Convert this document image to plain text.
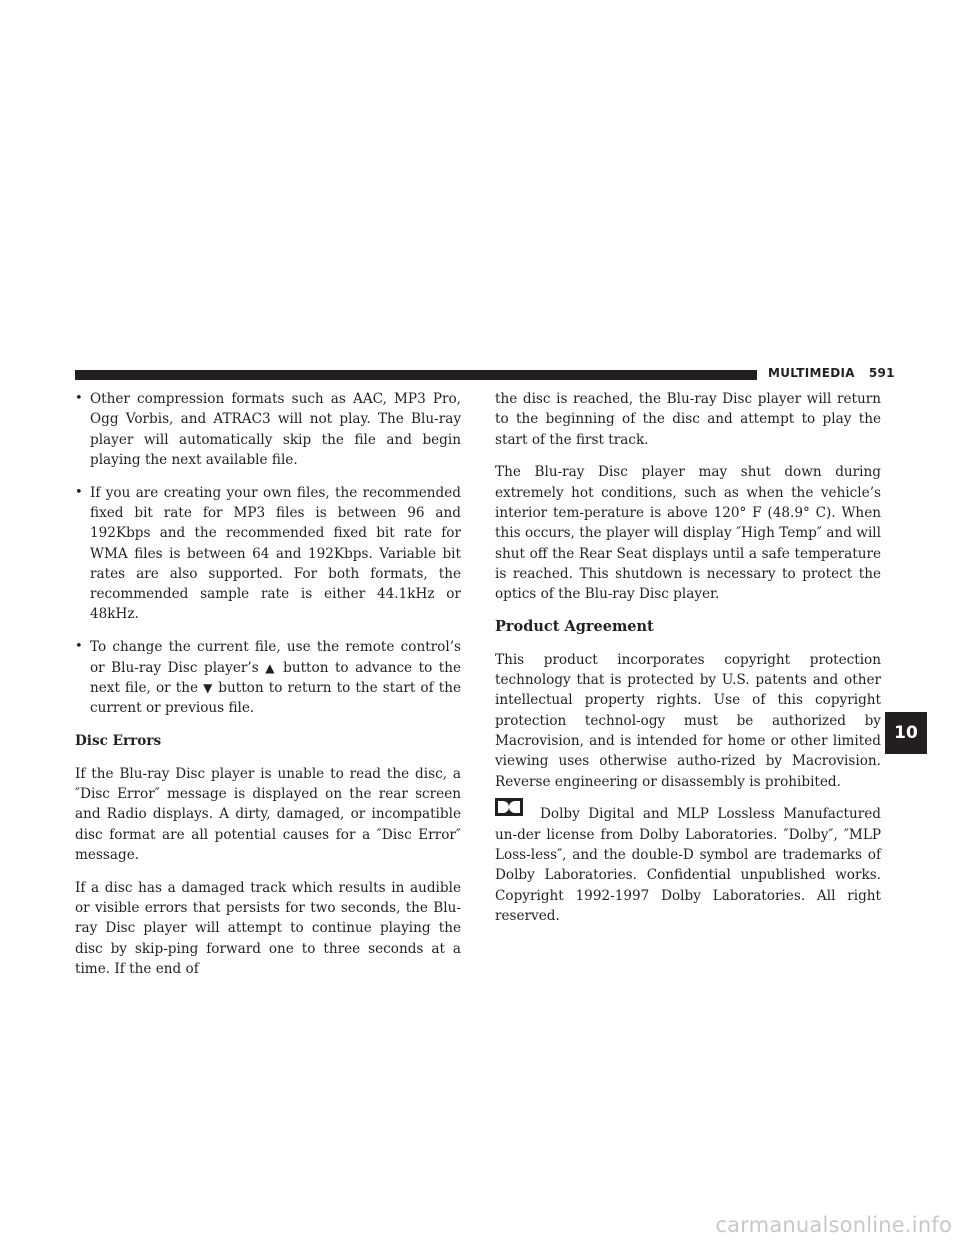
MULTIMEDIA 591
• Other compression formats such as AAC, MP3 Pro, Ogg Vorbis, and ATRAC3 will not play. The Blu-ray player will automatically skip the file and begin playing the next available file.
• If you are creating your own files, the recommended fixed bit rate for MP3 files is between 96 and 192Kbps and the recommended fixed bit rate for WMA files is between 64 and 192Kbps. Variable bit rates are also supported. For both formats, the recommended sample rate is either 44.1kHz or 48kHz.
• To change the current file, use the remote control’s or Blu-ray Disc player’s ▲ button to advance to the next file, or the ▼ button to return to the start of the current or previous file.

Disc Errors

If the Blu-ray Disc player is unable to read the disc, a ″Disc Error″ message is displayed on the rear screen and Radio displays. A dirty, damaged, or incompatible disc format are all potential causes for a ″Disc Error″ message.

If a disc has a damaged track which results in audible or visible errors that persists for two seconds, the Blu-ray Disc player will attempt to continue playing the disc by skip-ping forward one to three seconds at a time. If the end of

the disc is reached, the Blu-ray Disc player will return to the beginning of the disc and attempt to play the start of the first track.

The Blu-ray Disc player may shut down during extremely hot conditions, such as when the vehicle’s interior tem-perature is above 120° F (48.9° C). When this occurs, the player will display ″High Temp″ and will shut off the Rear Seat displays until a safe temperature is reached. This shutdown is necessary to protect the optics of the Blu-ray Disc player.

Product Agreement

This product incorporates copyright protection technology that is protected by U.S. patents and other intellectual property rights. Use of this copyright protection technol-ogy must be authorized by Macrovision, and is intended for home or other limited viewing uses otherwise autho-rized by Macrovision. Reverse engineering or disassembly is prohibited.

Dolby Digital and MLP Lossless Manufactured un-der license from Dolby Laboratories. ″Dolby″, ″MLP Loss-less″, and the double-D symbol are trademarks of Dolby Laboratories. Confidential unpublished works. Copyright 1992-1997 Dolby Laboratories. All right reserved.

10
carmanualsonline.info
